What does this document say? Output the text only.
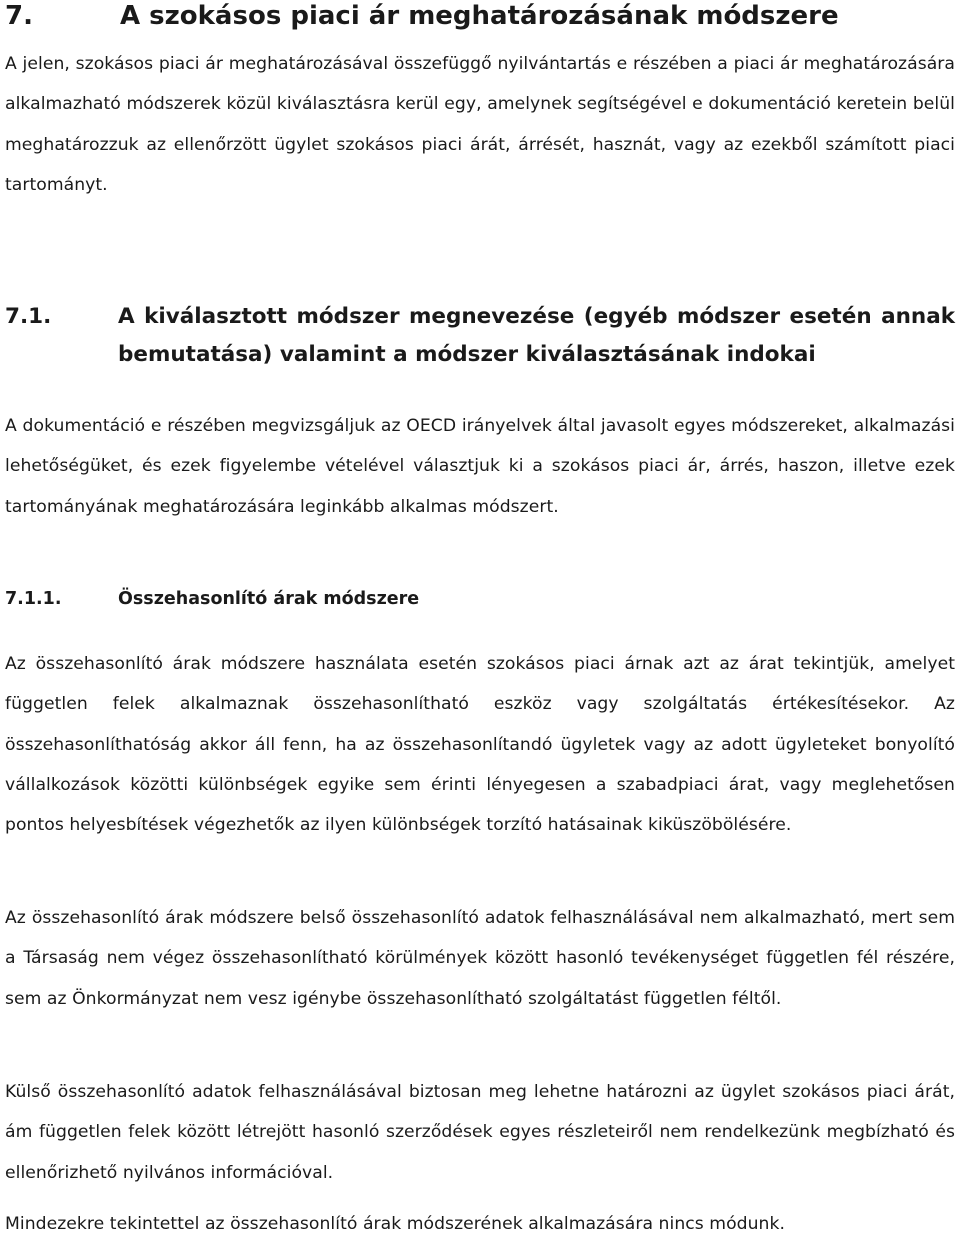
7.	A szokásos piaci ár meghatározásának módszere

A jelen, szokásos piaci ár meghatározásával összefüggő nyilvántartás e részében a piaci ár meghatározására alkalmazható módszerek közül kiválasztásra kerül egy, amelynek segítségével e dokumentáció keretein belül meghatározzuk az ellenőrzött ügylet szokásos piaci árát, árrését, hasznát, vagy az ezekből számított piaci tartományt.

7.1.	A kiválasztott módszer megnevezése (egyéb módszer esetén annak bemutatása) valamint a módszer kiválasztásának indokai

A dokumentáció e részében megvizsgáljuk az OECD irányelvek által javasolt egyes módszereket, alkalmazási lehetőségüket, és ezek figyelembe vételével választjuk ki a szokásos piaci ár, árrés, haszon, illetve ezek tartományának meghatározására leginkább alkalmas módszert.

7.1.1.	Összehasonlító árak módszere

Az összehasonlító árak módszere használata esetén szokásos piaci árnak azt az árat tekintjük, amelyet független felek alkalmaznak összehasonlítható eszköz vagy szolgáltatás értékesítésekor. Az összehasonlíthatóság akkor áll fenn, ha az összehasonlítandó ügyletek vagy az adott ügyleteket bonyolító vállalkozások közötti különbségek egyike sem érinti lényegesen a szabadpiaci árat, vagy meglehetősen pontos helyesbítések végezhetők az ilyen különbségek torzító hatásainak kiküszöbölésére.

Az összehasonlító árak módszere belső összehasonlító adatok felhasználásával nem alkalmazható, mert sem a Társaság nem végez összehasonlítható körülmények között hasonló tevékenységet független fél részére, sem az Önkormányzat nem vesz igénybe összehasonlítható szolgáltatást független féltől.

Külső összehasonlító adatok felhasználásával biztosan meg lehetne határozni az ügylet szokásos piaci árát, ám független felek között létrejött hasonló szerződések egyes részleteiről nem rendelkezünk megbízható és ellenőrizhető nyilvános információval.

Mindezekre tekintettel az összehasonlító árak módszerének alkalmazására nincs módunk.
